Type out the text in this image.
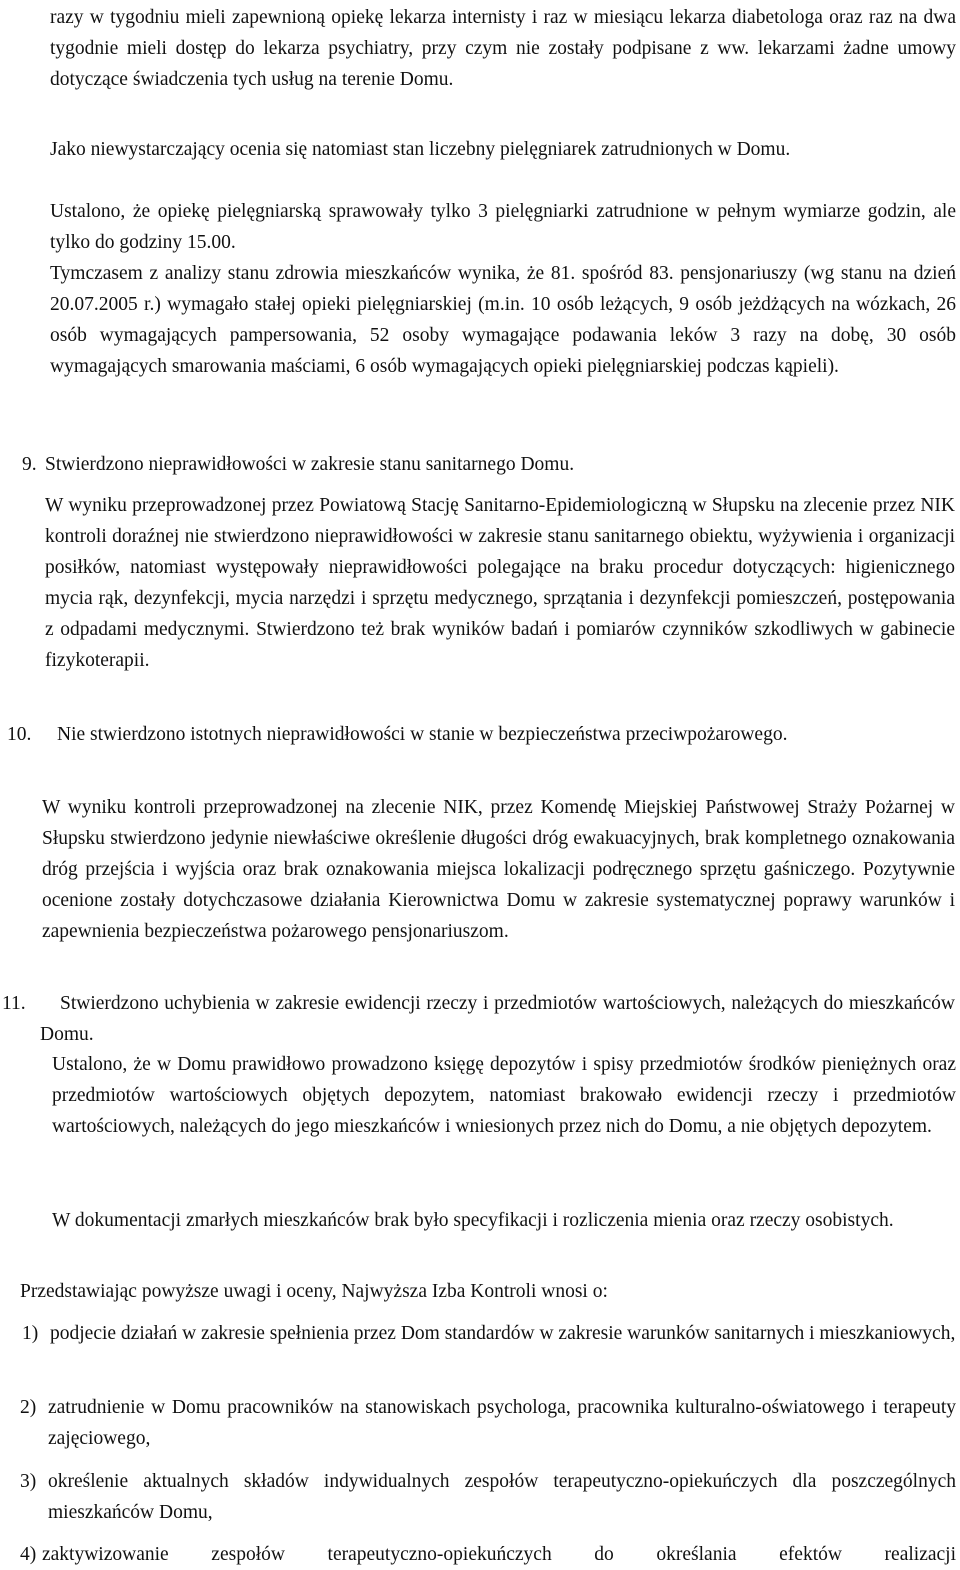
razy w tygodniu mieli zapewnioną opiekę lekarza internisty i raz w miesiącu lekarza diabetologa oraz raz na dwa tygodnie mieli dostęp do lekarza psychiatry, przy czym nie zostały podpisane z ww. lekarzami żadne umowy dotyczące świadczenia tych usług na terenie Domu.

Jako niewystarczający ocenia się natomiast stan liczebny pielęgniarek zatrudnionych w Domu.

Ustalono, że opiekę pielęgniarską sprawowały tylko 3 pielęgniarki zatrudnione w pełnym wymiarze godzin, ale tylko do godziny 15.00.

Tymczasem z analizy stanu zdrowia mieszkańców wynika, że 81. spośród 83. pensjonariuszy (wg stanu na dzień 20.07.2005 r.) wymagało stałej opieki pielęgniarskiej (m.in. 10 osób leżących, 9 osób jeżdżących na wózkach, 26 osób wymagających pampersowania, 52 osoby wymagające podawania leków 3 razy na dobę, 30 osób wymagających smarowania maściami, 6 osób wymagających opieki pielęgniarskiej podczas kąpieli).

9. Stwierdzono nieprawidłowości w zakresie stanu sanitarnego Domu.

W wyniku przeprowadzonej przez Powiatową Stację Sanitarno-Epidemiologiczną w Słupsku na zlecenie przez NIK kontroli doraźnej nie stwierdzono nieprawidłowości w zakresie stanu sanitarnego obiektu, wyżywienia i organizacji posiłków, natomiast występowały nieprawidłowości polegające na braku procedur dotyczących: higienicznego mycia rąk, dezynfekcji, mycia narzędzi i sprzętu medycznego, sprzątania i dezynfekcji pomieszczeń, postępowania z odpadami medycznymi. Stwierdzono też brak wyników badań i pomiarów czynników szkodliwych w gabinecie fizykoterapii.

10.	Nie stwierdzono istotnych nieprawidłowości w stanie w bezpieczeństwa przeciwpożarowego.

W wyniku kontroli przeprowadzonej na zlecenie NIK, przez Komendę Miejskiej Państwowej Straży Pożarnej w Słupsku stwierdzono jedynie niewłaściwe określenie długości dróg ewakuacyjnych, brak kompletnego oznakowania dróg przejścia i wyjścia oraz brak oznakowania miejsca lokalizacji podręcznego sprzętu gaśniczego. Pozytywnie ocenione zostały dotychczasowe działania Kierownictwa Domu w zakresie systematycznej poprawy warunków i zapewnienia bezpieczeństwa pożarowego pensjonariuszom.

11.	Stwierdzono uchybienia w zakresie ewidencji rzeczy i przedmiotów wartościowych, należących do mieszkańców Domu.

Ustalono, że w Domu prawidłowo prowadzono księgę depozytów i spisy przedmiotów środków pieniężnych oraz przedmiotów wartościowych objętych depozytem, natomiast brakowało ewidencji rzeczy i przedmiotów wartościowych, należących do jego mieszkańców i wniesionych przez nich do Domu, a nie objętych depozytem.

W dokumentacji zmarłych mieszkańców brak było specyfikacji i rozliczenia mienia oraz rzeczy osobistych.

Przedstawiając powyższe uwagi i oceny, Najwyższa Izba Kontroli wnosi o:

1) podjecie działań w zakresie spełnienia przez Dom standardów w zakresie warunków sanitarnych i mieszkaniowych,

2) zatrudnienie w Domu pracowników na stanowiskach psychologa, pracownika kulturalno-oświatowego i terapeuty zajęciowego,

3) określenie aktualnych składów indywidualnych zespołów terapeutyczno-opiekuńczych dla poszczególnych mieszkańców Domu,

4) zaktywizowanie zespołów terapeutyczno-opiekuńczych do określania efektów realizacji
